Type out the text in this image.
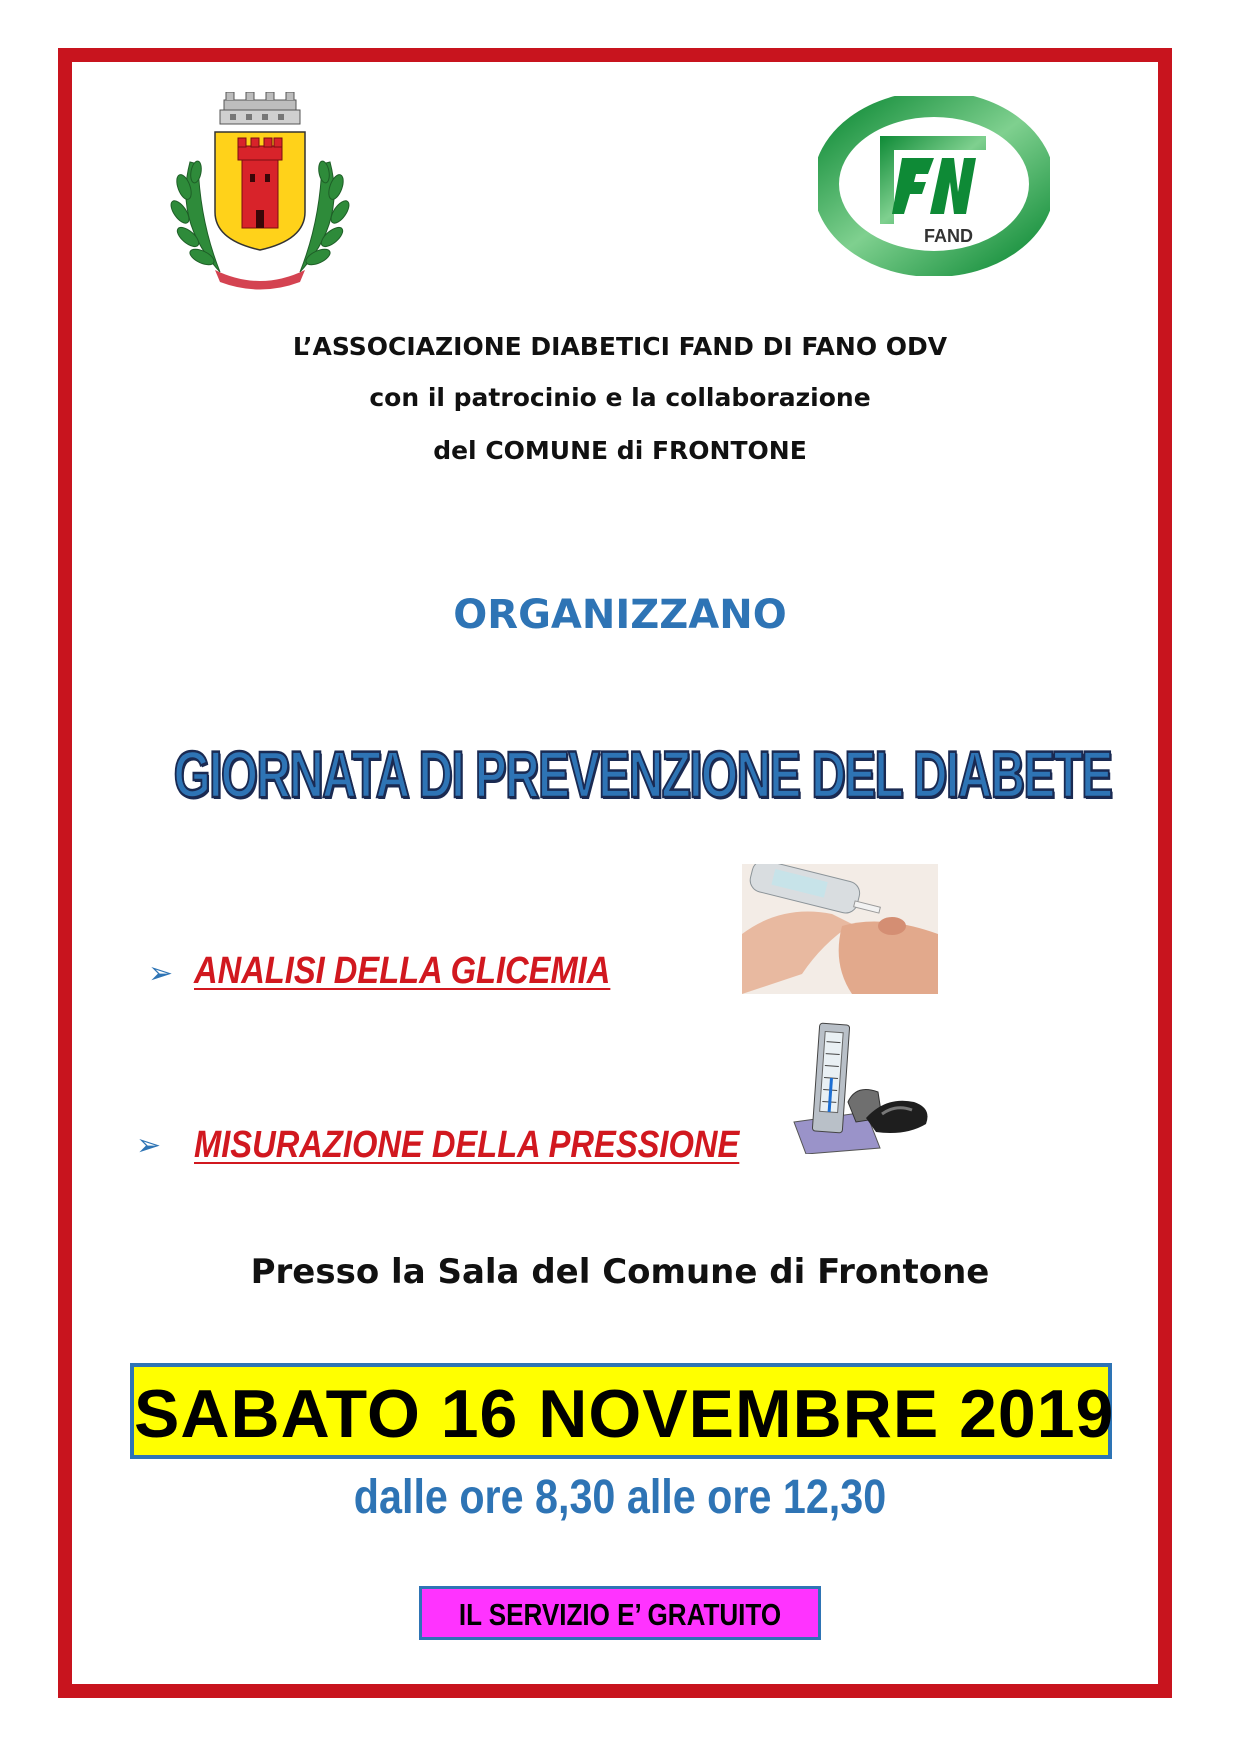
FAND
L’ASSOCIAZIONE DIABETICI FAND DI FANO ODV
con il patrocinio e la collaborazione
del COMUNE di FRONTONE
ORGANIZZANO
GIORNATA DI PREVENZIONE DEL DIABETE
➢ ANALISI DELLA GLICEMIA
➢ MISURAZIONE DELLA PRESSIONE
Presso la Sala del Comune di Frontone
SABATO 16 NOVEMBRE 2019
dalle ore 8,30 alle ore 12,30
IL SERVIZIO E’ GRATUITO
